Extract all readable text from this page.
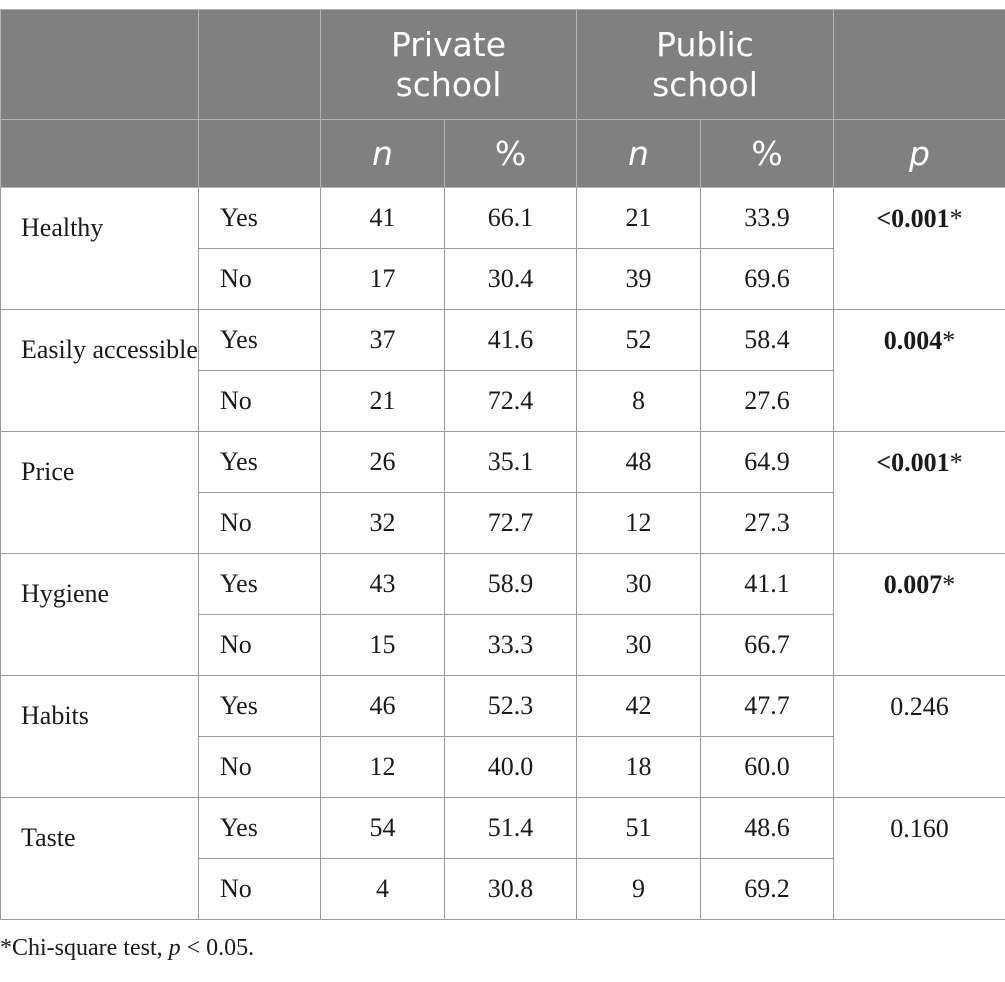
		Private
school		Public
school		
		n	%	n	%	p
Healthy	Yes	41	66.1	21	33.9	<0.001*
	No	17	30.4	39	69.6	
Easily accessible	Yes	37	41.6	52	58.4	0.004*
	No	21	72.4	8	27.6	
Price	Yes	26	35.1	48	64.9	<0.001*
	No	32	72.7	12	27.3	
Hygiene	Yes	43	58.9	30	41.1	0.007*
	No	15	33.3	30	66.7	
Habits	Yes	46	52.3	42	47.7	0.246
	No	12	40.0	18	60.0	
Taste	Yes	54	51.4	51	48.6	0.160
	No	4	30.8	9	69.2	
*Chi-square test, p < 0.05.
